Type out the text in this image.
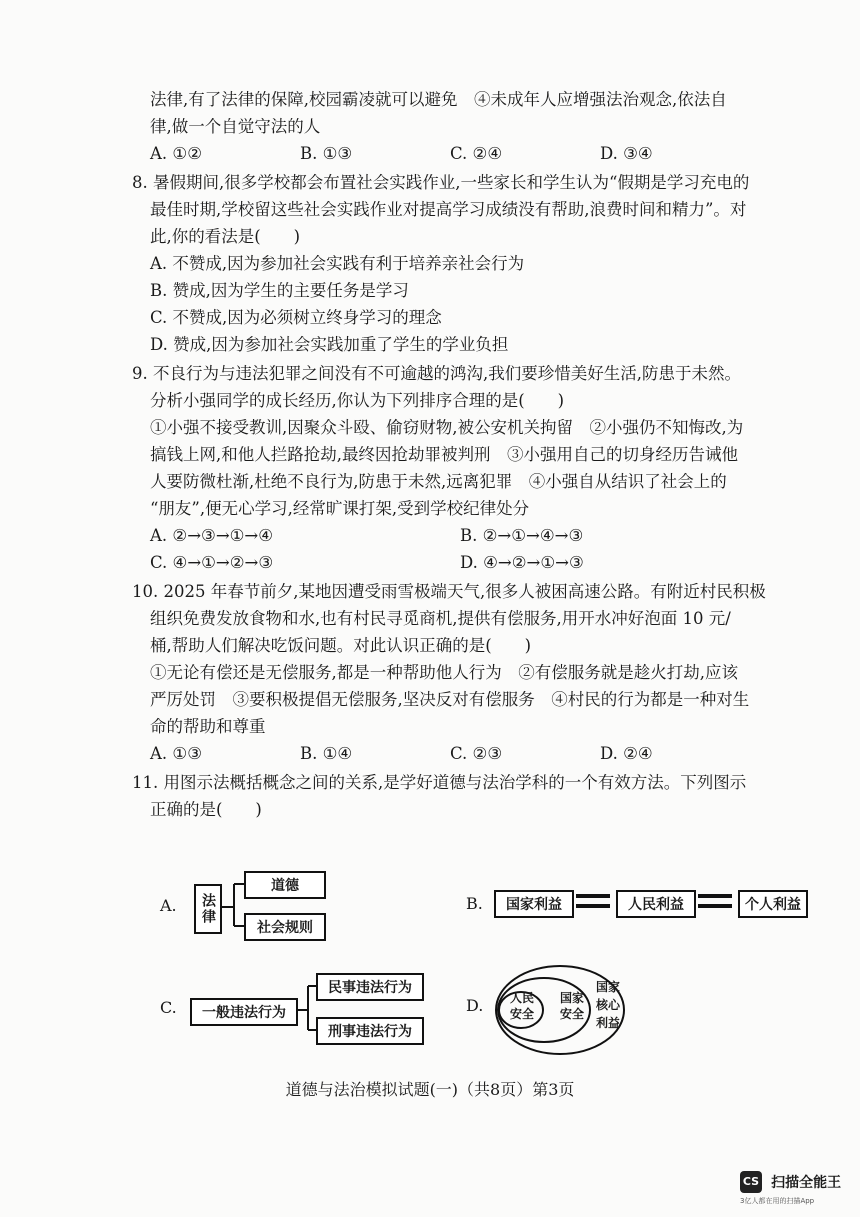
法律,有了法律的保障,校园霸凌就可以避免　④未成年人应增强法治观念,依法自

律,做一个自觉守法的人

A. ①②	B. ①③	C. ②④	D. ③④

8. 暑假期间,很多学校都会布置社会实践作业,一些家长和学生认为“假期是学习充电的

最佳时期,学校留这些社会实践作业对提高学习成绩没有帮助,浪费时间和精力”。对

此,你的看法是(　　)

A. 不赞成,因为参加社会实践有利于培养亲社会行为

B. 赞成,因为学生的主要任务是学习

C. 不赞成,因为必须树立终身学习的理念

D. 赞成,因为参加社会实践加重了学生的学业负担

9. 不良行为与违法犯罪之间没有不可逾越的鸿沟,我们要珍惜美好生活,防患于未然。

分析小强同学的成长经历,你认为下列排序合理的是(　　)

①小强不接受教训,因聚众斗殴、偷窃财物,被公安机关拘留　②小强仍不知悔改,为

搞钱上网,和他人拦路抢劫,最终因抢劫罪被判刑　③小强用自己的切身经历告诫他

人要防微杜渐,杜绝不良行为,防患于未然,远离犯罪　④小强自从结识了社会上的

“朋友”,便无心学习,经常旷课打架,受到学校纪律处分

A. ②→③→①→④	B. ②→①→④→③
C. ④→①→②→③	D. ④→②→①→③

10. 2025 年春节前夕,某地因遭受雨雪极端天气,很多人被困高速公路。有附近村民积极

组织免费发放食物和水,也有村民寻觅商机,提供有偿服务,用开水冲好泡面 10 元/

桶,帮助人们解决吃饭问题。对此认识正确的是(　　)

①无论有偿还是无偿服务,都是一种帮助他人行为　②有偿服务就是趁火打劫,应该

严厉处罚　③要积极提倡无偿服务,坚决反对有偿服务　④村民的行为都是一种对生

命的帮助和尊重

A. ①③	B. ①④	C. ②③	D. ②④

11. 用图示法概括概念之间的关系,是学好道德与法治学科的一个有效方法。下列图示

正确的是(　　)

A. 法律
道德
社会规则
B. 国家利益	人民利益	个人利益
C. 一般违法行为
民事违法行为
刑事违法行为
D. 人民安全
国家安全
国家核心利益
道德与法治模拟试题(一)（共8页）第3页
CS 扫描全能王
3亿人都在用的扫描App
